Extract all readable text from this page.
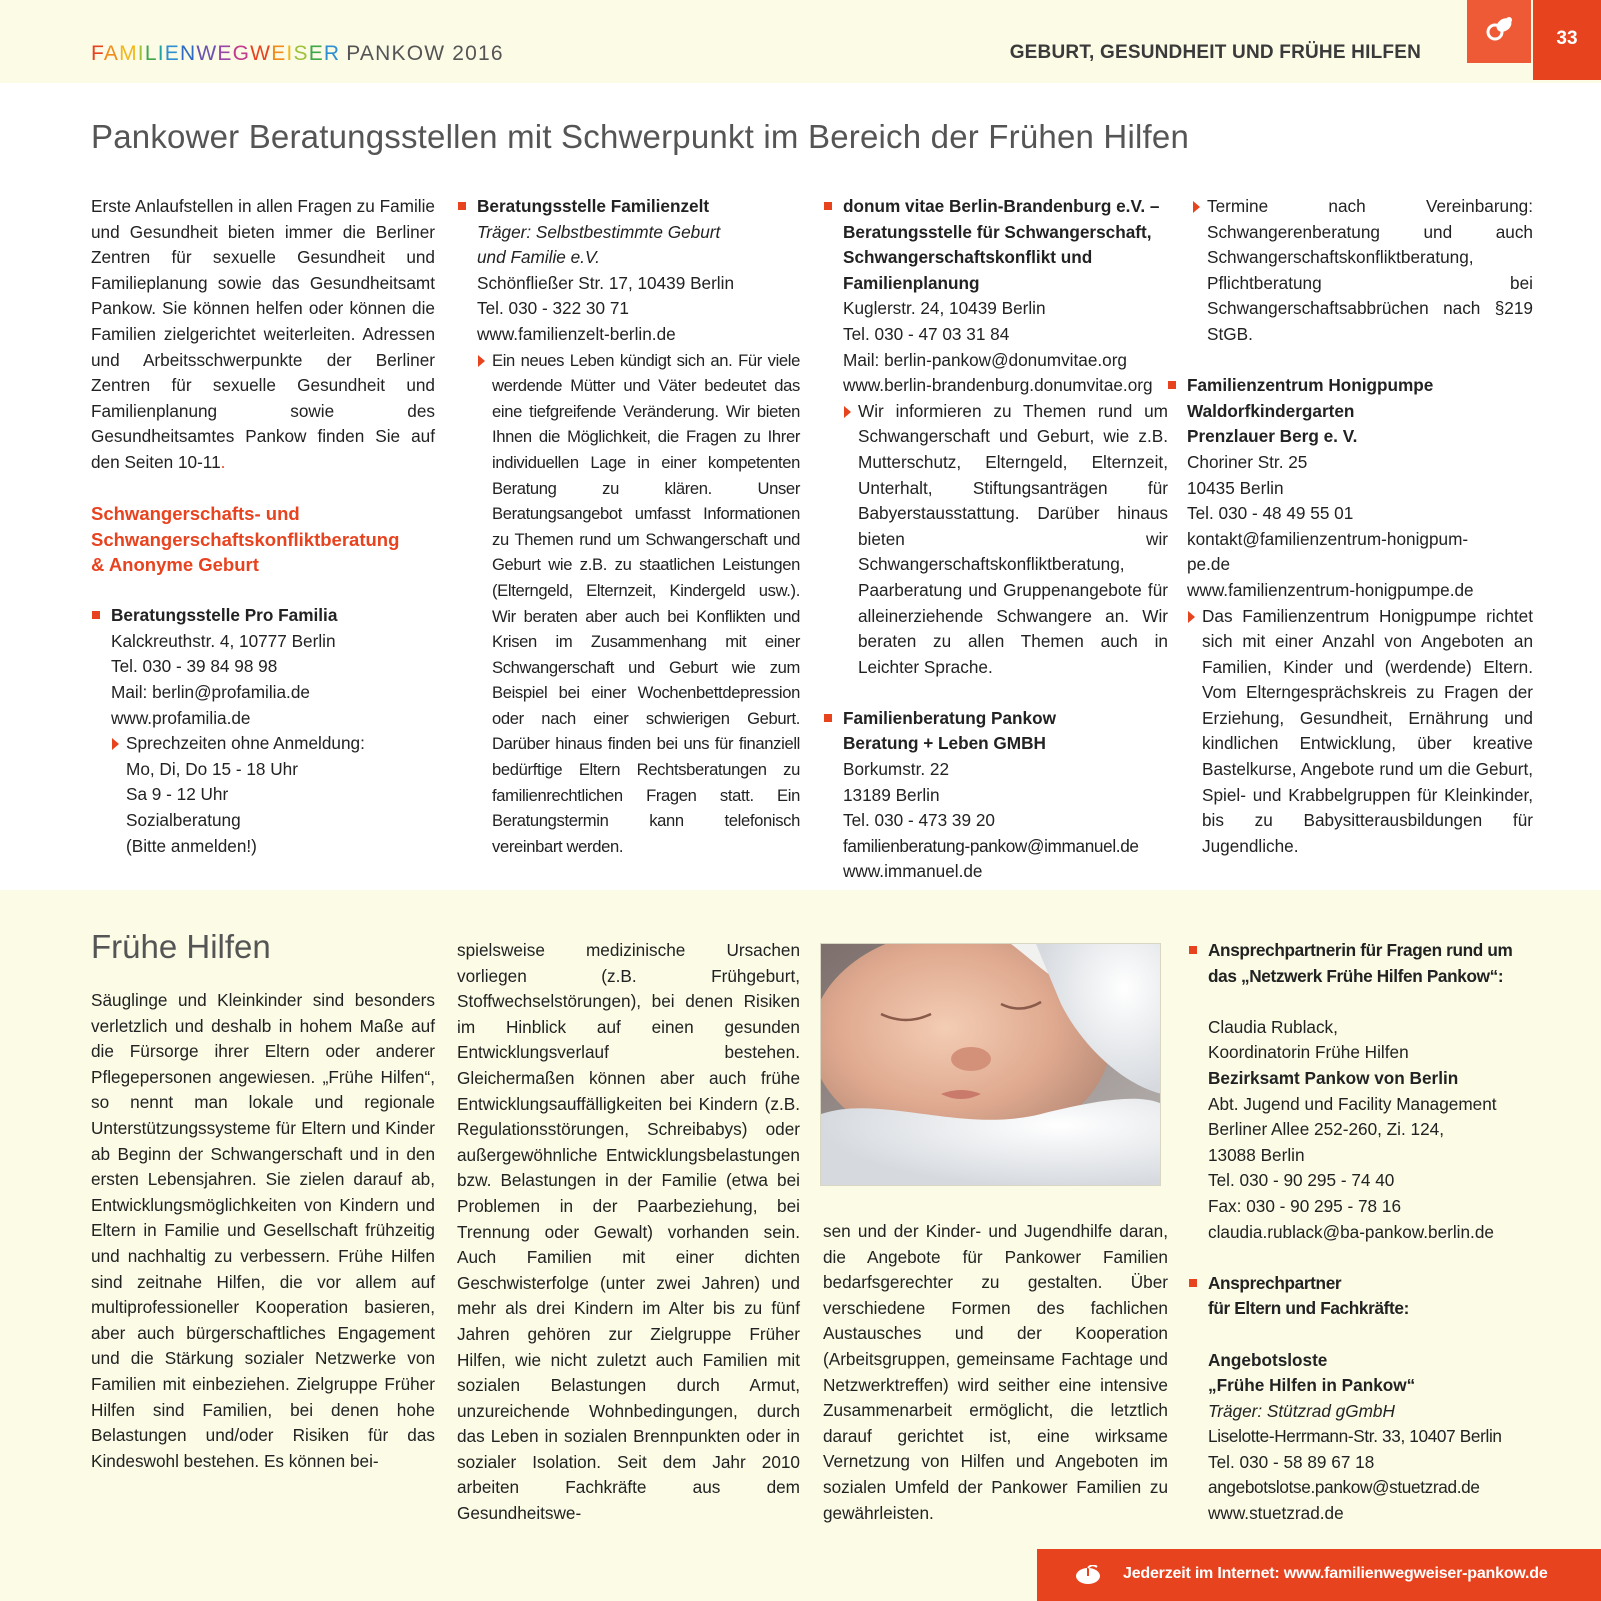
FAMILIENWEGWEISER PANKOW 2016	GEBURT, GESUNDHEIT UND FRÜHE HILFEN
33
Pankower Beratungsstellen mit Schwerpunkt im Bereich der Frühen Hilfen

Erste Anlaufstellen in allen Fragen zu Familie und Gesundheit bieten immer die Berliner Zentren für sexuelle Gesundheit und Familieplanung sowie das Gesundheitsamt Pankow. Sie können helfen oder können die Familien zielgerichtet weiterleiten. Adressen und Arbeitsschwerpunkte der Berliner Zentren für sexuelle Gesundheit und Familienplanung sowie des Gesundheitsamtes Pankow finden Sie auf den Seiten 10-11.

Schwangerschafts- und Schwangerschaftskonfliktberatung & Anonyme Geburt

Beratungsstelle Pro Familia

Kalckreuthstr. 4, 10777 Berlin

Tel. 030 - 39 84 98 98

Mail: berlin@profamilia.de

www.profamilia.de

Sprechzeiten ohne Anmeldung:

Mo, Di, Do 15 - 18 Uhr

Sa 9 - 12 Uhr

Sozialberatung

(Bitte anmelden!)

Beratungsstelle Familienzelt

Träger: Selbstbestimmte Geburt und Familie e.V.

Schönfließer Str. 17, 10439 Berlin

Tel. 030 - 322 30 71

www.familienzelt-berlin.de

Ein neues Leben kündigt sich an. Für viele werdende Mütter und Väter bedeutet das eine tiefgreifende Veränderung. Wir bieten Ihnen die Möglichkeit, die Fragen zu Ihrer individuellen Lage in einer kompetenten Beratung zu klären. Unser Beratungsangebot umfasst Informationen zu Themen rund um Schwangerschaft und Geburt wie z.B. zu staatlichen Leistungen (Elterngeld, Elternzeit, Kindergeld usw.). Wir beraten aber auch bei Konflikten und Krisen im Zusammenhang mit einer Schwangerschaft und Geburt wie zum Beispiel bei einer Wochenbettdepression oder nach einer schwierigen Geburt. Darüber hinaus finden bei uns für finanziell bedürftige Eltern Rechtsberatungen zu familienrechtlichen Fragen statt. Ein Beratungstermin kann telefonisch vereinbart werden.

donum vitae Berlin-Brandenburg e.V. – Beratungsstelle für Schwangerschaft, Schwangerschaftskonflikt und Familienplanung

Kuglerstr. 24, 10439 Berlin

Tel. 030 - 47 03 31 84

Mail: berlin-pankow@donumvitae.org

www.berlin-brandenburg.donumvitae.org

Wir informieren zu Themen rund um Schwangerschaft und Geburt, wie z.B. Mutterschutz, Elterngeld, Elternzeit, Unterhalt, Stiftungsanträgen für Babyerstausstattung. Darüber hinaus bieten wir Schwangerschaftskonfliktberatung, Paarberatung und Gruppenangebote für alleinerziehende Schwangere an. Wir beraten zu allen Themen auch in Leichter Sprache.

Familienberatung Pankow

Beratung + Leben GMBH

Borkumstr. 22

13189 Berlin

Tel. 030 - 473 39 20

familienberatung-pankow@immanuel.de

www.immanuel.de

Termine nach Vereinbarung: Schwangerenberatung und auch Schwangerschaftskonfliktberatung, Pflichtberatung bei Schwangerschaftsabbrüchen nach §219 StGB.

Familienzentrum Honigpumpe

Waldorfkindergarten

Prenzlauer Berg e. V.

Choriner Str. 25

10435 Berlin

Tel. 030 - 48 49 55 01

kontakt@familienzentrum-honigpum-

pe.de

www.familienzentrum-honigpumpe.de

Das Familienzentrum Honigpumpe richtet sich mit einer Anzahl von Angeboten an Familien, Kinder und (werdende) Eltern. Vom Elterngesprächskreis zu Fragen der Erziehung, Gesundheit, Ernährung und kindlichen Entwicklung, über kreative Bastelkurse, Angebote rund um die Geburt, Spiel- und Krabbelgruppen für Kleinkinder, bis zu Babysitterausbildungen für Jugendliche.

Frühe Hilfen

Säuglinge und Kleinkinder sind besonders verletzlich und deshalb in hohem Maße auf die Fürsorge ihrer Eltern oder anderer Pflegepersonen angewiesen. „Frühe Hilfen“, so nennt man lokale und regionale Unterstützungssysteme für Eltern und Kinder ab Beginn der Schwangerschaft und in den ersten Lebensjahren. Sie zielen darauf ab, Entwicklungsmöglichkeiten von Kindern und Eltern in Familie und Gesellschaft frühzeitig und nachhaltig zu verbessern. Frühe Hilfen sind zeitnahe Hilfen, die vor allem auf multiprofessioneller Kooperation basieren, aber auch bürgerschaftliches Engagement und die Stärkung sozialer Netzwerke von Familien mit einbeziehen. Zielgruppe Früher Hilfen sind Familien, bei denen hohe Belastungen und/oder Risiken für das Kindeswohl bestehen. Es können bei-

spielsweise medizinische Ursachen vorliegen (z.B. Frühgeburt, Stoffwechselstörungen), bei denen Risiken im Hinblick auf einen gesunden Entwicklungsverlauf bestehen. Gleichermaßen können aber auch frühe Entwicklungsauffälligkeiten bei Kindern (z.B. Regulationsstörungen, Schreibabys) oder außergewöhnliche Entwicklungsbelastungen bzw. Belastungen in der Familie (etwa bei Problemen in der Paarbeziehung, bei Trennung oder Gewalt) vorhanden sein. Auch Familien mit einer dichten Geschwisterfolge (unter zwei Jahren) und mehr als drei Kindern im Alter bis zu fünf Jahren gehören zur Zielgruppe Früher Hilfen, wie nicht zuletzt auch Familien mit sozialen Belastungen durch Armut, unzureichende Wohnbedingungen, durch das Leben in sozialen Brennpunkten oder in sozialer Isolation. Seit dem Jahr 2010 arbeiten Fachkräfte aus dem Gesundheitswe-

sen und der Kinder- und Jugendhilfe daran, die Angebote für Pankower Familien bedarfsgerechter zu gestalten. Über verschiedene Formen des fachlichen Austausches und der Kooperation (Arbeitsgruppen, gemeinsame Fachtage und Netzwerktreffen) wird seither eine intensive Zusammenarbeit ermöglicht, die letztlich darauf gerichtet ist, eine wirksame Vernetzung von Hilfen und Angeboten im sozialen Umfeld der Pankower Familien zu gewährleisten.

Ansprechpartnerin für Fragen rund um das „Netzwerk Frühe Hilfen Pankow“:

Claudia Rublack,

Koordinatorin Frühe Hilfen

Bezirksamt Pankow von Berlin

Abt. Jugend und Facility Management

Berliner Allee 252-260, Zi. 124,

13088 Berlin

Tel. 030 - 90 295 - 74 40

Fax: 030 - 90 295 - 78 16

claudia.rublack@ba-pankow.berlin.de

Ansprechpartner

für Eltern und Fachkräfte:

Angebotsloste

„Frühe Hilfen in Pankow“

Träger: Stützrad gGmbH

Liselotte-Herrmann-Str. 33, 10407 Berlin

Tel. 030 - 58 89 67 18

angebotslotse.pankow@stuetzrad.de

www.stuetzrad.de

Jederzeit im Internet: www.familienwegweiser-pankow.de
